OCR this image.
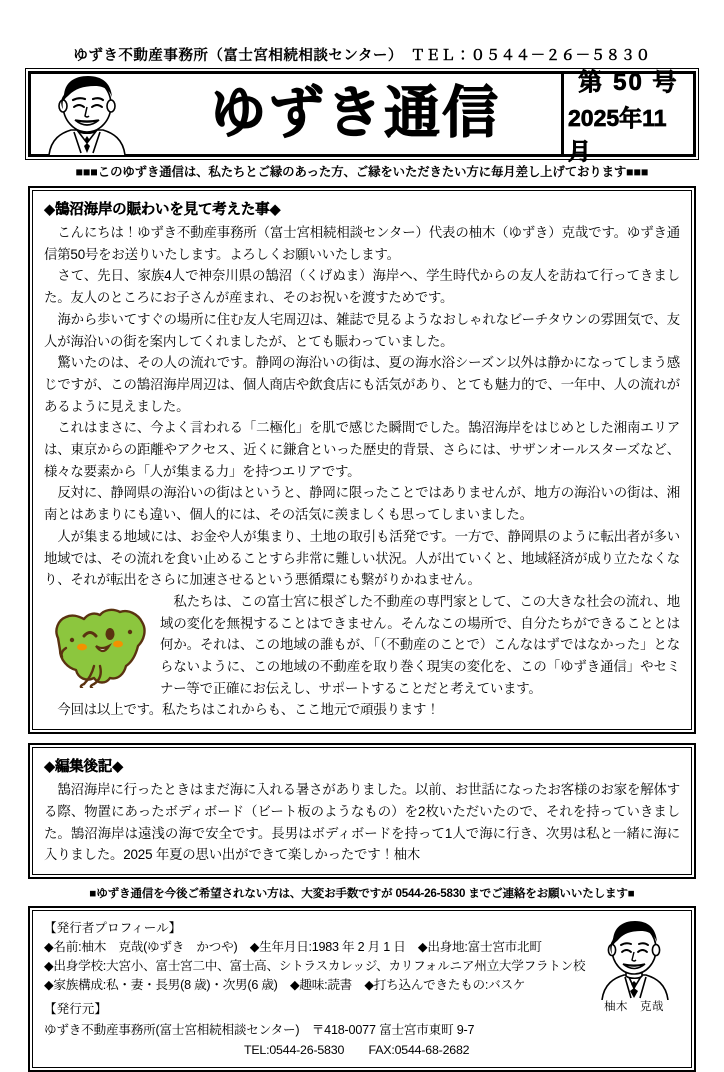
ゆずき不動産事務所（富士宮相続相談センター）　ＴＥＬ：０５４４－２６－５８３０
ゆずき通信	第 50 号
2025年11月
■■■このゆずき通信は、私たちとご縁のあった方、ご縁をいただきたい方に毎月差し上げております■■■
◆鵠沼海岸の賑わいを見て考えた事◆

こんにちは！ゆずき不動産事務所（富士宮相続相談センター）代表の柚木（ゆずき）克哉です。ゆずき通信第50号をお送りいたします。よろしくお願いいたします。

さて、先日、家族4人で神奈川県の鵠沼（くげぬま）海岸へ、学生時代からの友人を訪ねて行ってきました。友人のところにお子さんが産まれ、そのお祝いを渡すためです。

海から歩いてすぐの場所に住む友人宅周辺は、雑誌で見るようなおしゃれなビーチタウンの雰囲気で、友人が海沿いの街を案内してくれましたが、とても賑わっていました。

驚いたのは、その人の流れです。静岡の海沿いの街は、夏の海水浴シーズン以外は静かになってしまう感じですが、この鵠沼海岸周辺は、個人商店や飲食店にも活気があり、とても魅力的で、一年中、人の流れがあるように見えました。

これはまさに、今よく言われる「二極化」を肌で感じた瞬間でした。鵠沼海岸をはじめとした湘南エリアは、東京からの距離やアクセス、近くに鎌倉といった歴史的背景、さらには、サザンオールスターズなど、様々な要素から「人が集まる力」を持つエリアです。

反対に、静岡県の海沿いの街はというと、静岡に限ったことではありませんが、地方の海沿いの街は、湘南とはあまりにも違い、個人的には、その活気に羨ましくも思ってしまいました。

人が集まる地域には、お金や人が集まり、土地の取引も活発です。一方で、静岡県のように転出者が多い地域では、その流れを食い止めることすら非常に難しい状況。人が出ていくと、地域経済が成り立たなくなり、それが転出をさらに加速させるという悪循環にも繋がりかねません。

私たちは、この富士宮に根ざした不動産の専門家として、この大きな社会の流れ、地域の変化を無視することはできません。そんなこの場所で、自分たちができることとは何か。それは、この地域の誰もが、「（不動産のことで）こんなはずではなかった」とならないように、この地域の不動産を取り巻く現実の変化を、この「ゆずき通信」やセミナー等で正確にお伝えし、サポートすることだと考えています。

今回は以上です。私たちはこれからも、ここ地元で頑張ります！

◆編集後記◆

鵠沼海岸に行ったときはまだ海に入れる暑さがありました。以前、お世話になったお客様のお家を解体する際、物置にあったボディボード（ビート板のようなもの）を2枚いただいたので、それを持っていきました。鵠沼海岸は遠浅の海で安全です。長男はボディボードを持って1人で海に行き、次男は私と一緒に海に入りました。2025 年夏の思い出ができて楽しかったです！柚木

■ゆずき通信を今後ご希望されない方は、大変お手数ですが 0544-26-5830 までご連絡をお願いいたします■
【発行者プロフィール】
◆名前:柚木　克哉(ゆずき　かつや)　◆生年月日:1983 年 2 月 1 日　◆出身地:富士宮市北町
◆出身学校:大宮小、富士宮二中、富士高、シトラスカレッジ、カリフォルニア州立大学フラトン校
◆家族構成:私・妻・長男(8 歳)・次男(6 歳)　◆趣味:読書　◆打ち込んできたもの:バスケ
【発行元】
ゆずき不動産事務所(富士宮相続相談センター)　〒418-0077 富士宮市東町 9-7
TEL:0544-26-5830　　FAX:0544-68-2682
柚木　克哉
